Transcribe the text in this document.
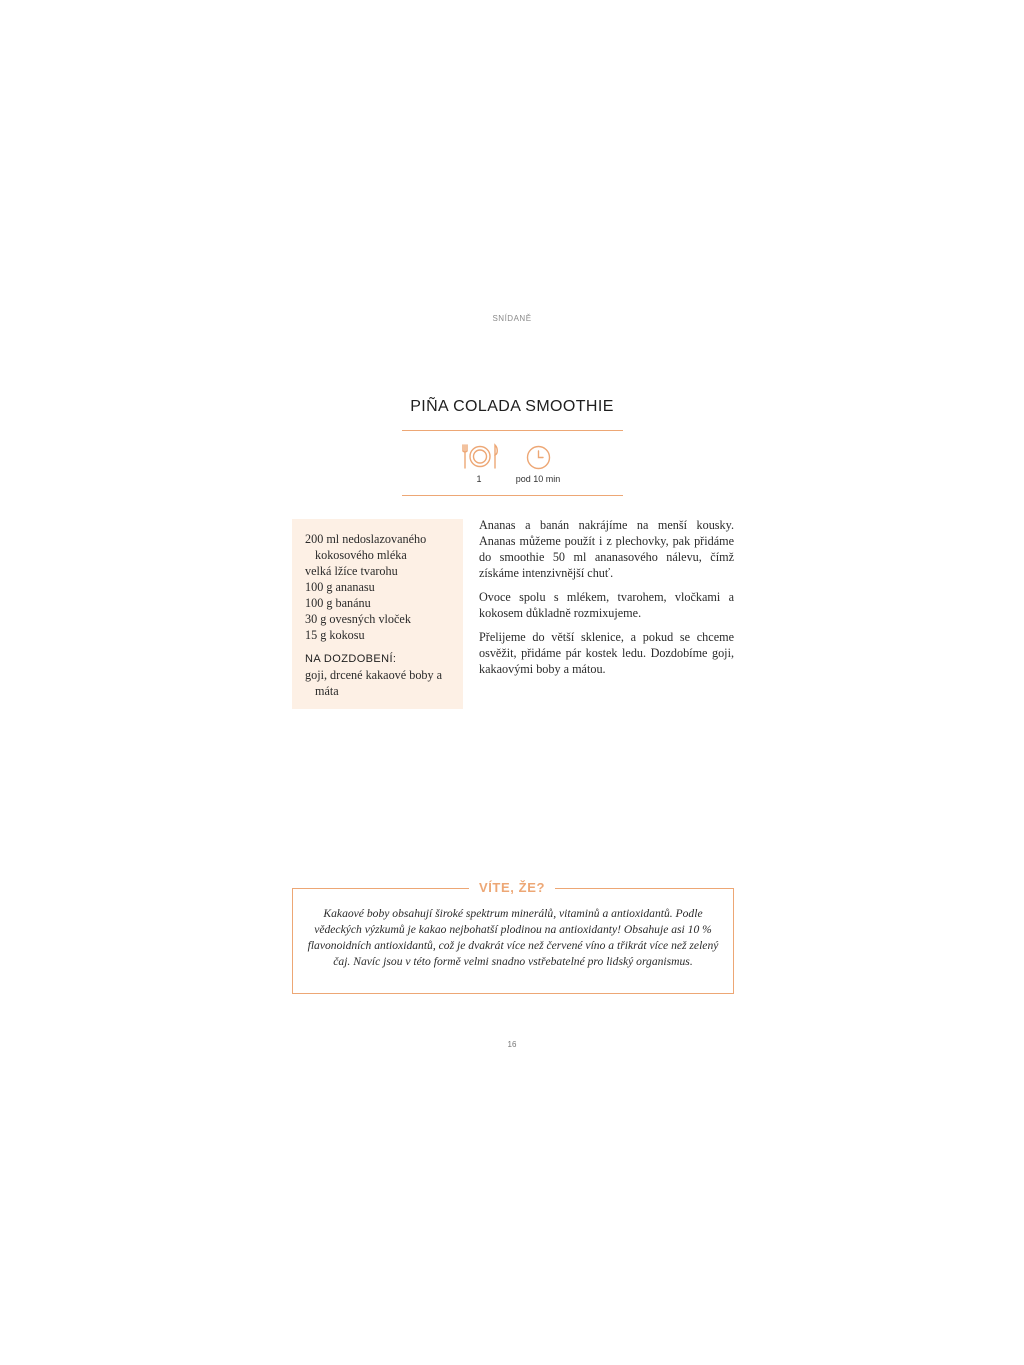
SNÍDANĚ
PIÑA COLADA SMOOTHIE
1	pod 10 min
200 ml nedoslazovaného kokosového mléka
velká lžíce tvarohu
100 g ananasu
100 g banánu
30 g ovesných vloček
15 g kokosu
NA DOZDOBENÍ:
goji, drcené kakaové boby a máta

Ananas a banán nakrájíme na menší kousky. Ananas můžeme použít i z plechovky, pak přidáme do smoothie 50 ml ananasového nálevu, čímž získáme intenzivnější chuť.

Ovoce spolu s mlékem, tvarohem, vločkami a kokosem důkladně rozmixujeme.

Přelijeme do větší sklenice, a pokud se chceme osvěžit, přidáme pár kostek ledu. Dozdobíme goji, kakaovými boby a mátou.

VÍTE, ŽE?
Kakaové boby obsahují široké spektrum minerálů, vitaminů a antioxidantů. Podle vědeckých výzkumů je kakao nejbohatší plodinou na antioxidanty! Obsahuje asi 10 % flavonoidních antioxidantů, což je dvakrát více než červené víno a třikrát více než zelený čaj. Navíc jsou v této formě velmi snadno vstřebatelné pro lidský organismus.
16
